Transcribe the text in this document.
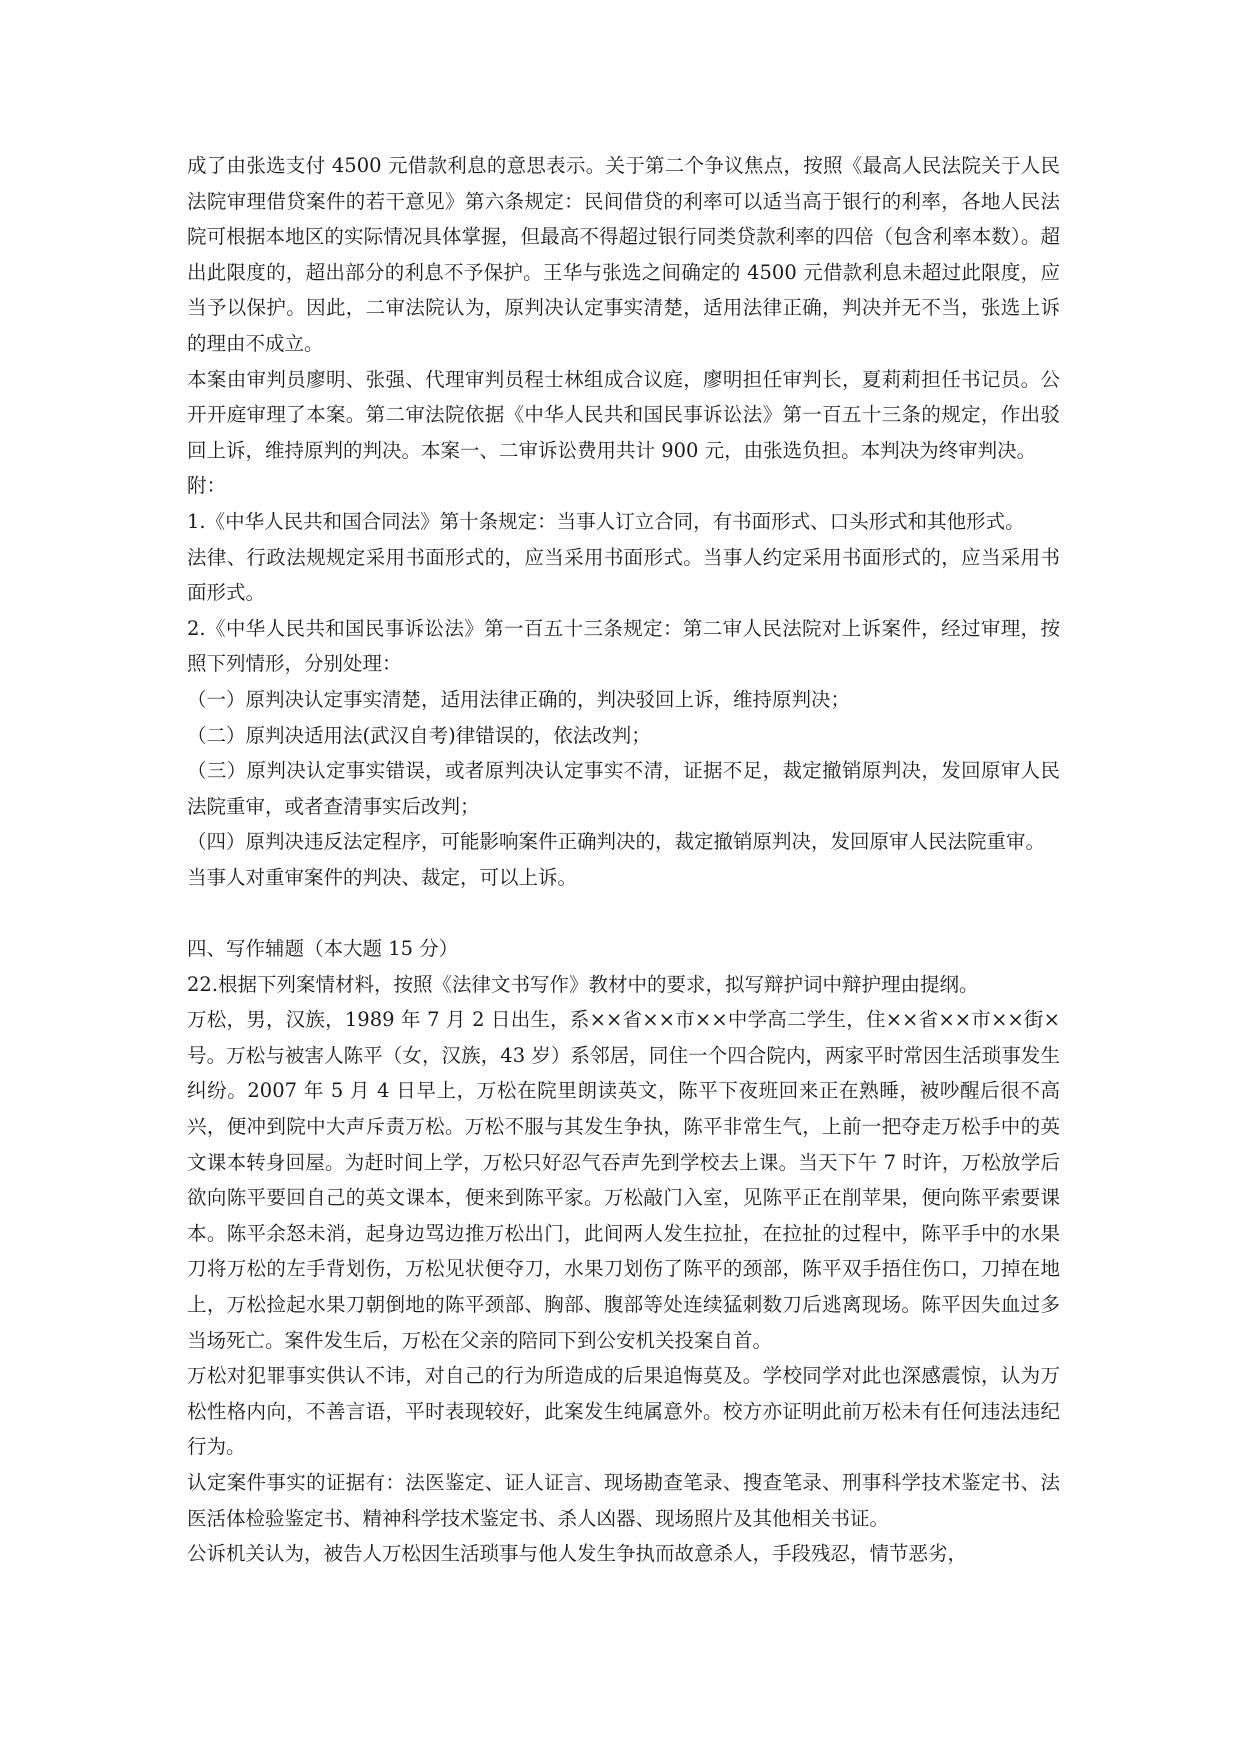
成了由张选支付 4500 元借款利息的意思表示。关于第二个争议焦点，按照《最高人民法院关于人民法院审理借贷案件的若干意见》第六条规定：民间借贷的利率可以适当高于银行的利率，各地人民法院可根据本地区的实际情况具体掌握，但最高不得超过银行同类贷款利率的四倍（包含利率本数）。超出此限度的，超出部分的利息不予保护。王华与张选之间确定的 4500 元借款利息未超过此限度，应当予以保护。因此，二审法院认为，原判决认定事实清楚，适用法律正确，判决并无不当，张选上诉的理由不成立。

本案由审判员廖明、张强、代理审判员程士林组成合议庭，廖明担任审判长，夏莉莉担任书记员。公开开庭审理了本案。第二审法院依据《中华人民共和国民事诉讼法》第一百五十三条的规定，作出驳回上诉，维持原判的判决。本案一、二审诉讼费用共计 900 元，由张选负担。本判决为终审判决。

附：

1.《中华人民共和国合同法》第十条规定：当事人订立合同，有书面形式、口头形式和其他形式。

法律、行政法规规定采用书面形式的，应当采用书面形式。当事人约定采用书面形式的，应当采用书面形式。

2.《中华人民共和国民事诉讼法》第一百五十三条规定：第二审人民法院对上诉案件，经过审理，按照下列情形，分别处理：

（一）原判决认定事实清楚，适用法律正确的，判决驳回上诉，维持原判决；

（二）原判决适用法(武汉自考)律错误的，依法改判；

（三）原判决认定事实错误，或者原判决认定事实不清，证据不足，裁定撤销原判决，发回原审人民法院重审，或者查清事实后改判；

（四）原判决违反法定程序，可能影响案件正确判决的，裁定撤销原判决，发回原审人民法院重审。

当事人对重审案件的判决、裁定，可以上诉。

四、写作辅题（本大题 15 分）

22.根据下列案情材料，按照《法律文书写作》教材中的要求，拟写辩护词中辩护理由提纲。

万松，男，汉族，1989 年 7 月 2 日出生，系××省××市××中学高二学生，住××省××市××街×号。万松与被害人陈平（女，汉族，43 岁）系邻居，同住一个四合院内，两家平时常因生活琐事发生纠纷。2007 年 5 月 4 日早上，万松在院里朗读英文，陈平下夜班回来正在熟睡，被吵醒后很不高兴，便冲到院中大声斥责万松。万松不服与其发生争执，陈平非常生气，上前一把夺走万松手中的英文课本转身回屋。为赶时间上学，万松只好忍气吞声先到学校去上课。当天下午 7 时许，万松放学后欲向陈平要回自己的英文课本，便来到陈平家。万松敲门入室，见陈平正在削苹果，便向陈平索要课本。陈平余怒未消，起身边骂边推万松出门，此间两人发生拉扯，在拉扯的过程中，陈平手中的水果刀将万松的左手背划伤，万松见状便夺刀，水果刀划伤了陈平的颈部，陈平双手捂住伤口，刀掉在地上，万松捡起水果刀朝倒地的陈平颈部、胸部、腹部等处连续猛刺数刀后逃离现场。陈平因失血过多当场死亡。案件发生后，万松在父亲的陪同下到公安机关投案自首。

万松对犯罪事实供认不讳，对自己的行为所造成的后果追悔莫及。学校同学对此也深感震惊，认为万松性格内向，不善言语，平时表现较好，此案发生纯属意外。校方亦证明此前万松未有任何违法违纪行为。

认定案件事实的证据有：法医鉴定、证人证言、现场勘查笔录、搜查笔录、刑事科学技术鉴定书、法医活体检验鉴定书、精神科学技术鉴定书、杀人凶器、现场照片及其他相关书证。

公诉机关认为，被告人万松因生活琐事与他人发生争执而故意杀人，手段残忍，情节恶劣，
